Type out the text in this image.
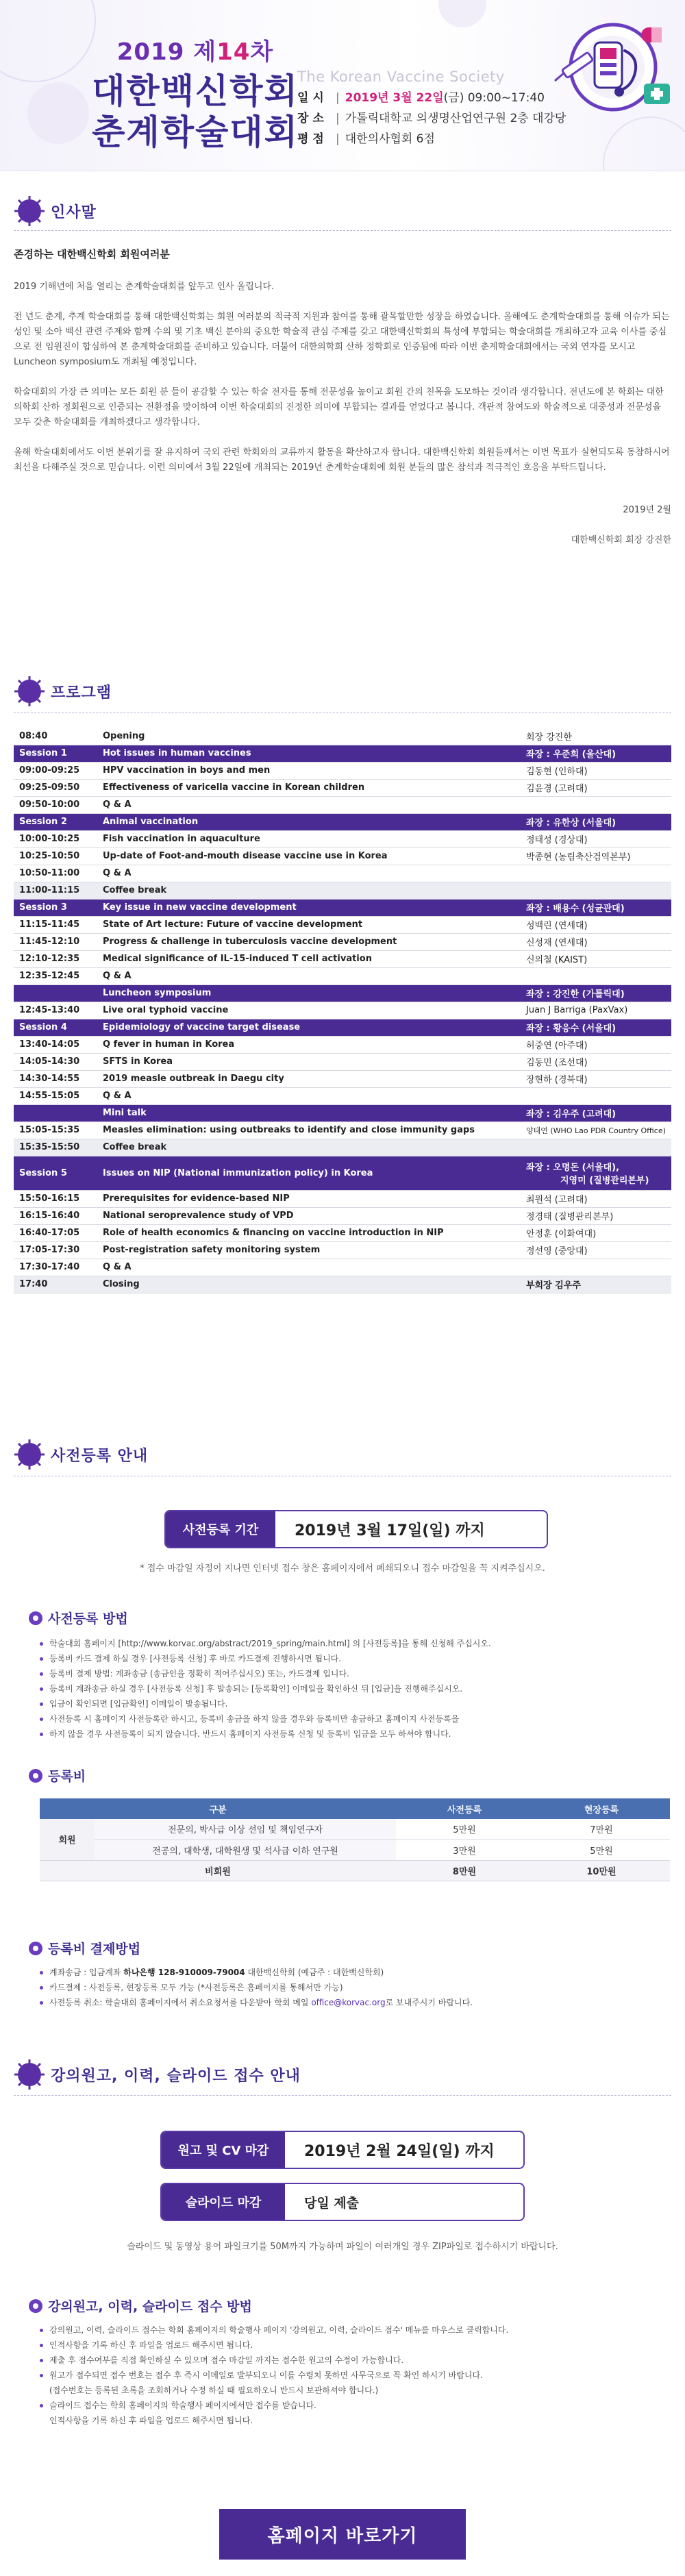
2019 제14차
대한백신학회
춘계학술대회
The Korean Vaccine Society
일 시	| 2019년 3월 22일 (금) 09:00~17:40
장 소	| 가톨릭대학교 의생명산업연구원 2층 대강당
평 점	| 대한의사협회 6점
인사말
존경하는 대한백신학회 회원여러분

2019 기해년에 처음 열리는 춘계학술대회를 앞두고 인사 올립니다.

전 년도 춘계, 추계 학술대회를 통해 대한백신학회는 회원 여러분의 적극적 지원과 참여를 통해 괄목할만한 성장을 하였습니다. 올해에도 춘계학술대회를 통해 이슈가 되는 성인 및 소아 백신 관련 주제와 함께 수의 및 기초 백신 분야의 중요한 학술적 관심 주제를 갖고 대한백신학회의 특성에 부합되는 학술대회를 개최하고자 교육 이사를 중심으로 전 임원진이 합심하여 본 춘계학술대회를 준비하고 있습니다. 더불어 대한의학회 산하 정학회로 인증됨에 따라 이번 춘계학술대회에서는 국외 연자를 모시고 Luncheon symposium도 개최될 예정입니다.

학술대회의 가장 큰 의미는 모든 회원 분 들이 공감할 수 있는 학술 전자를 통해 전문성을 높이고 회원 간의 친목을 도모하는 것이라 생각합니다. 전년도에 본 학회는 대한의학회 산하 정회원으로 인증되는 전환점을 맞이하여 이번 학술대회의 진정한 의미에 부합되는 결과를 얻었다고 봅니다. 객관적 참여도와 학술적으로 대중성과 전문성을 모두 갖춘 학술대회를 개최하겠다고 생각합니다.

올해 학술대회에서도 이번 분위기를 잘 유지하여 국외 관련 학회와의 교류까지 활동을 확산하고자 합니다. 대한백신학회 회원들께서는 이번 목표가 실현되도록 동참하시어 최선을 다해주실 것으로 믿습니다. 이런 의미에서 3월 22일에 개최되는 2019년 춘계학술대회에 회원 분들의 많은 참석과 적극적인 호응을 부탁드립니다.

2019년 2월
대한백신학회 회장 강진한
프로그램
08:40	Opening	회장 강진한
Session 1	Hot issues in human vaccines	좌장 : 우준희 (울산대)
09:00-09:25	HPV vaccination in boys and men	김동현 (인하대)
09:25-09:50	Effectiveness of varicella vaccine in Korean children	김윤경 (고려대)
09:50-10:00	Q & A	
Session 2	Animal vaccination	좌장 : 유한상 (서울대)
10:00-10:25	Fish vaccination in aquaculture	정태성 (경상대)
10:25-10:50	Up-date of Foot-and-mouth disease vaccine use in Korea	박종현 (농림축산검역본부)
10:50-11:00	Q & A	
11:00-11:15	Coffee break	
Session 3	Key issue in new vaccine development	좌장 : 배용수 (성균관대)
11:15-11:45	State of Art lecture: Future of vaccine development	성백린 (연세대)
11:45-12:10	Progress & challenge in tuberculosis vaccine development	신성재 (연세대)
12:10-12:35	Medical significance of IL-15-induced T cell activation	신의철 (KAIST)
12:35-12:45	Q & A	
	Luncheon symposium	좌장 : 강진한 (가톨릭대)
12:45-13:40	Live oral typhoid vaccine	Juan J Barriga (PaxVax)
Session 4	Epidemiology of vaccine target disease	좌장 : 황응수 (서울대)
13:40-14:05	Q fever in human in Korea	허중연 (아주대)
14:05-14:30	SFTS in Korea	김동민 (조선대)
14:30-14:55	2019 measle outbreak in Daegu city	장현하 (경북대)
14:55-15:05	Q & A	
	Mini talk	좌장 : 김우주 (고려대)
15:05-15:35	Measles elimination: using outbreaks to identify and close immunity gaps	양태연 (WHO Lao PDR Country Office)
15:35-15:50	Coffee break	
Session 5	Issues on NIP (National immunization policy) in Korea	좌장 : 오명돈 (서울대),
지영미 (질병관리본부)

15:50-16:15	Prerequisites for evidence-based NIP	최원석 (고려대)
16:15-16:40	National seroprevalence study of VPD	정경태 (질병관리본부)
16:40-17:05	Role of health economics & financing on vaccine introduction in NIP	안정훈 (이화여대)
17:05-17:30	Post-registration safety monitoring system	정선영 (중앙대)
17:30-17:40	Q & A	
17:40	Closing	부회장 김우주
사전등록 안내
사전등록 기간	2019년 3월 17일(일) 까지
* 접수 마감일 자정이 지나면 인터넷 접수 창은 홈페이지에서 폐쇄되오니 접수 마감일을 꼭 지켜주십시오.
사전등록 방법
학술대회 홈페이지 [http://www.korvac.org/abstract/2019_spring/main.html] 의 [사전등록]을 통해 신청해 주십시오.
등록비 카드 결제 하실 경우 [사전등록 신청] 후 바로 카드결제 진행하시면 됩니다.
등록비 결제 방법: 계좌송금 (송금인을 정확히 적어주십시오) 또는, 카드결제 입니다.
등록비 계좌송금 하실 경우 [사전등록 신청] 후 발송되는 [등록확인] 이메일을 확인하신 뒤 [입금]을 진행해주십시오.
입금이 확인되면 [입금확인] 이메일이 발송됩니다.
사전등록 시 홈페이지 사전등록란 하시고, 등록비 송금을 하지 않을 경우와 등록비만 송금하고 홈페이지 사전등록을
하지 않을 경우 사전등록이 되지 않습니다. 반드시 홈페이지 사전등록 신청 및 등록비 입금을 모두 하셔야 합니다.
등록비
구분		사전등록	현장등록
회원	전문의, 박사급 이상 선임 및 책임연구자	5만원	7만원
	전공의, 대학생, 대학원생 및 석사급 이하 연구원	3만원	5만원
비회원		8만원	10만원
등록비 결제방법
계좌송금 : 입금계좌 하나은행 128-910009-79004 대한백신학회 (예금주 : 대한백신학회)
카드결제 : 사전등록, 현장등록 모두 가능 (*사전등록은 홈페이지를 통해서만 가능)
사전등록 취소: 학술대회 홈페이지에서 취소요청서를 다운받아 학회 메일 office@korvac.org로 보내주시기 바랍니다.
강의원고, 이력, 슬라이드 접수 안내
원고 및 CV 마감	2019년 2월 24일(일) 까지
슬라이드 마감	당일 제출
슬라이드 및 동영상 용어 파일크기를 50M까지 가능하며 파일이 여러개일 경우 ZIP파일로 접수하시기 바랍니다.
강의원고, 이력, 슬라이드 접수 방법
강의원고, 이력, 슬라이드 접수는 학회 홈페이지의 학술행사 페이지 '강의원고, 이력, 슬라이드 접수' 메뉴를 마우스로 클릭합니다.
인적사항을 기록 하신 후 파일을 업로드 해주시면 됩니다.
제출 후 접수여부를 직접 확인하실 수 있으며 접수 마감일 까지는 접수한 원고의 수정이 가능합니다.
원고가 접수되면 접수 번호는 접수 후 즉시 이메일로 발부되오니 이를 수령치 못하면 사무국으로 꼭 확인 하시기 바랍니다.
(접수번호는 등록된 초록을 조회하거나 수정 하실 때 필요하오니 반드시 보관하셔야 합니다.)
슬라이드 접수는 학회 홈페이지의 학술행사 페이지에서만 접수를 받습니다.
인적사항을 기록 하신 후 파일을 업로드 해주시면 됩니다.
홈페이지 바로가기
